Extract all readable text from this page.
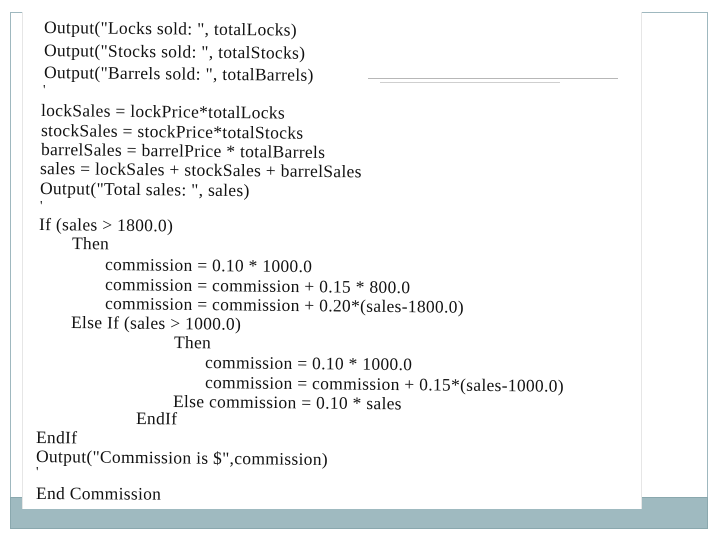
Output("Locks sold: ", totalLocks)
Output("Stocks sold: ", totalStocks)
Output("Barrels sold: ", totalBarrels)
'
lockSales = lockPrice*totalLocks
stockSales = stockPrice*totalStocks
barrelSales = barrelPrice * totalBarrels
sales = lockSales + stockSales + barrelSales
Output("Total sales: ", sales)
'
If (sales > 1800.0)
Then
commission = 0.10 * 1000.0
commission = commission + 0.15 * 800.0
commission = commission + 0.20*(sales-1800.0)
Else If (sales > 1000.0)
Then
commission = 0.10 * 1000.0
commission = commission + 0.15*(sales-1000.0)
Else commission = 0.10 * sales
EndIf
EndIf
Output("Commission is $",commission)
'
End Commission
